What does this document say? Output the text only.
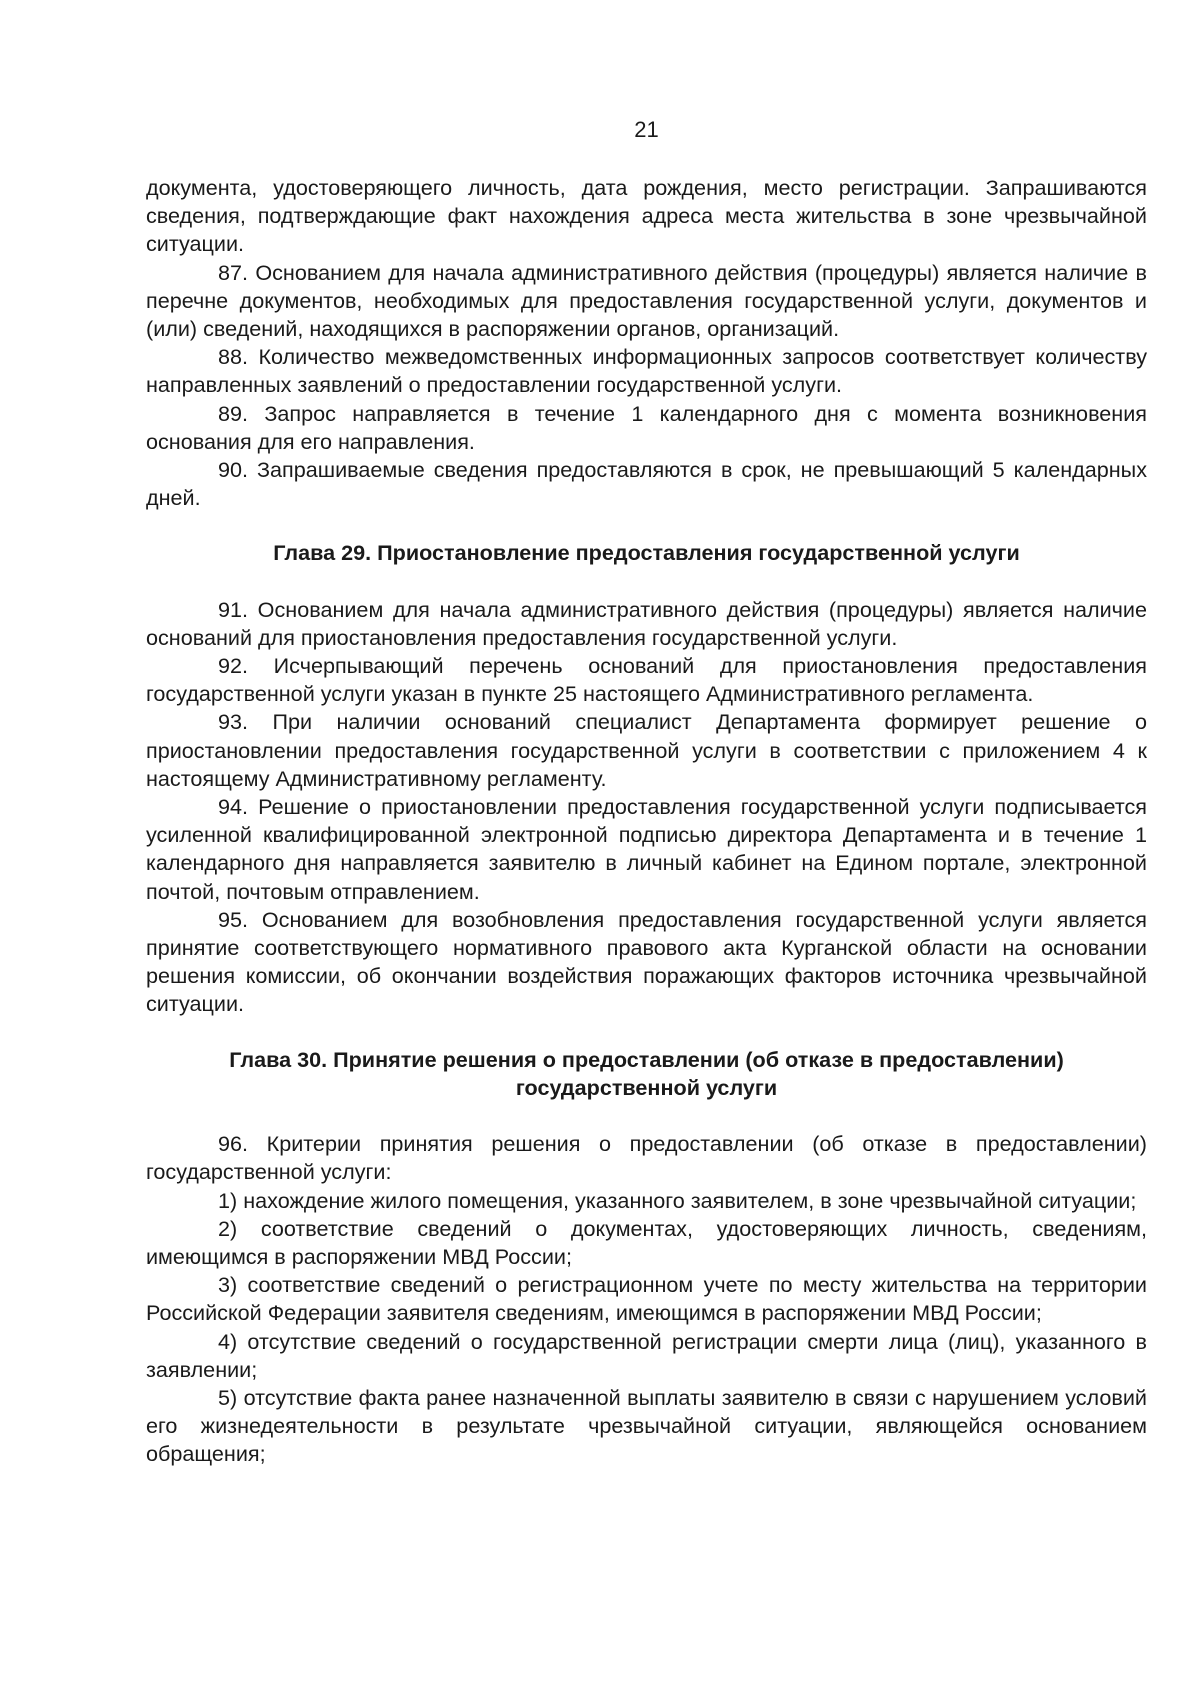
21

документа, удостоверяющего личность, дата рождения, место регистрации. Запрашиваются сведения, подтверждающие факт нахождения адреса места жительства в зоне чрезвычайной ситуации.

87. Основанием для начала административного действия (процедуры) является наличие в перечне документов, необходимых для предоставления государственной услуги, документов и (или) сведений, находящихся в распоряжении органов, организаций.

88. Количество межведомственных информационных запросов соответствует количеству направленных заявлений о предоставлении государственной услуги.

89. Запрос направляется в течение 1 календарного дня с момента возникновения основания для его направления.

90. Запрашиваемые сведения предоставляются в срок, не превышающий 5 календарных дней.

Глава 29. Приостановление предоставления государственной услуги

91. Основанием для начала административного действия (процедуры) является наличие оснований для приостановления предоставления государственной услуги.

92. Исчерпывающий перечень оснований для приостановления предоставления государственной услуги указан в пункте 25 настоящего Административного регламента.

93. При наличии оснований специалист Департамента формирует решение о приостановлении предоставления государственной услуги в соответствии с приложением 4 к настоящему Административному регламенту.

94. Решение о приостановлении предоставления государственной услуги подписывается усиленной квалифицированной электронной подписью директора Департамента и в течение 1 календарного дня направляется заявителю в личный кабинет на Едином портале, электронной почтой, почтовым отправлением.

95. Основанием для возобновления предоставления государственной услуги является принятие соответствующего нормативного правового акта Курганской области на основании решения комиссии, об окончании воздействия поражающих факторов источника чрезвычайной ситуации.

Глава 30. Принятие решения о предоставлении (об отказе в предоставлении) государственной услуги

96. Критерии принятия решения о предоставлении (об отказе в предоставлении) государственной услуги:

1) нахождение жилого помещения, указанного заявителем, в зоне чрезвычайной ситуации;

2) соответствие сведений о документах, удостоверяющих личность, сведениям, имеющимся в распоряжении МВД России;

3) соответствие сведений о регистрационном учете по месту жительства на территории Российской Федерации заявителя сведениям, имеющимся в распоряжении МВД России;

4) отсутствие сведений о государственной регистрации смерти лица (лиц), указанного в заявлении;

5) отсутствие факта ранее назначенной выплаты заявителю в связи с нарушением условий его жизнедеятельности в результате чрезвычайной ситуации, являющейся основанием обращения;
